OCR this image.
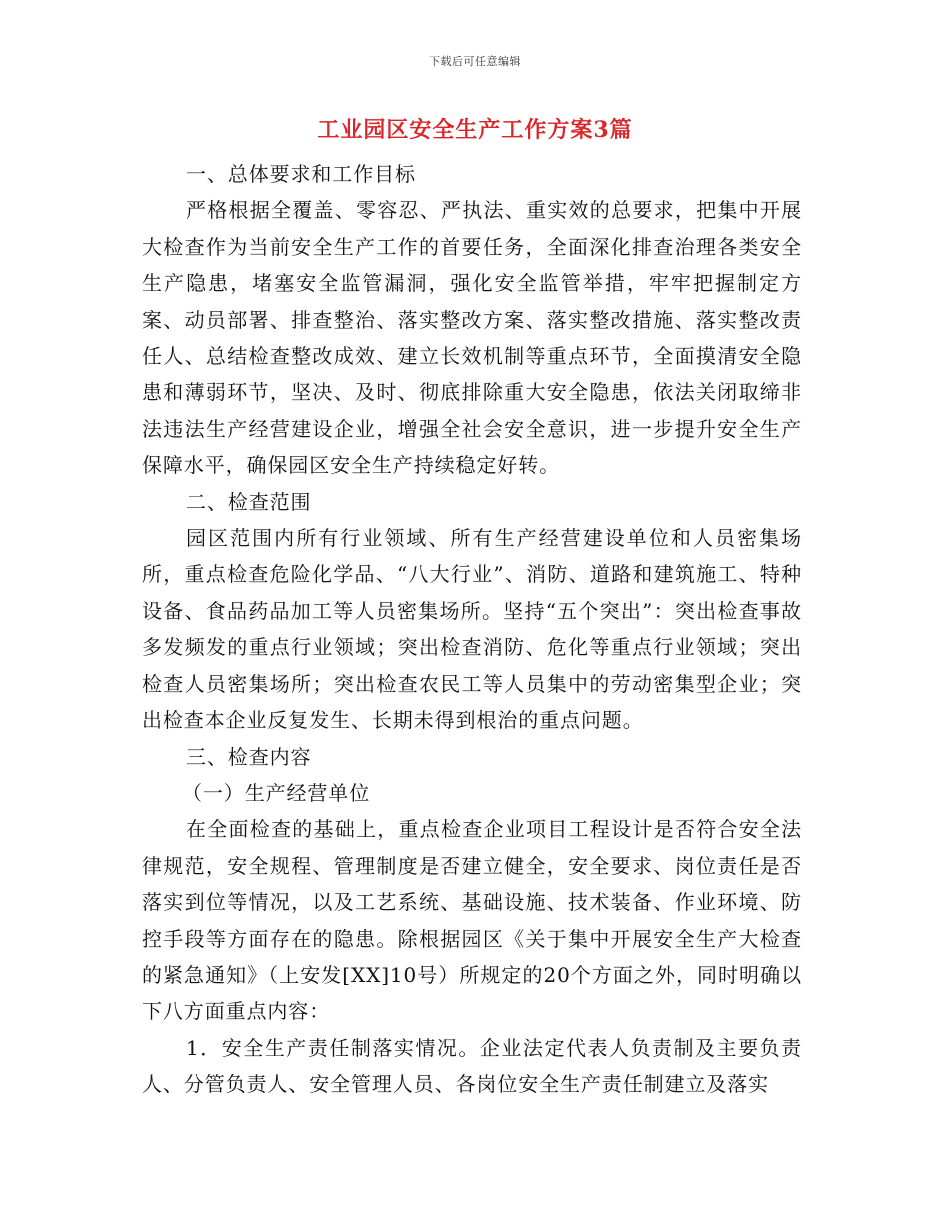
下载后可任意编辑
工业园区安全生产工作方案3篇

一、总体要求和工作目标

严格根据全覆盖、零容忍、严执法、重实效的总要求，把集中开展大检查作为当前安全生产工作的首要任务，全面深化排查治理各类安全生产隐患，堵塞安全监管漏洞，强化安全监管举措，牢牢把握制定方案、动员部署、排查整治、落实整改方案、落实整改措施、落实整改责任人、总结检查整改成效、建立长效机制等重点环节，全面摸清安全隐患和薄弱环节，坚决、及时、彻底排除重大安全隐患，依法关闭取缔非法违法生产经营建设企业，增强全社会安全意识，进一步提升安全生产保障水平，确保园区安全生产持续稳定好转。

二、检查范围

园区范围内所有行业领域、所有生产经营建设单位和人员密集场所，重点检查危险化学品、“八大行业”、消防、道路和建筑施工、特种设备、食品药品加工等人员密集场所。坚持“五个突出”：突出检查事故多发频发的重点行业领域；突出检查消防、危化等重点行业领域；突出检查人员密集场所；突出检查农民工等人员集中的劳动密集型企业；突出检查本企业反复发生、长期未得到根治的重点问题。

三、检查内容

（一）生产经营单位

在全面检查的基础上，重点检查企业项目工程设计是否符合安全法律规范，安全规程、管理制度是否建立健全，安全要求、岗位责任是否落实到位等情况，以及工艺系统、基础设施、技术装备、作业环境、防控手段等方面存在的隐患。除根据园区《关于集中开展安全生产大检查的紧急通知》（上安发[XX]10号）所规定的20个方面之外，同时明确以下八方面重点内容：

1．安全生产责任制落实情况。企业法定代表人负责制及主要负责人、分管负责人、安全管理人员、各岗位安全生产责任制建立及落实
